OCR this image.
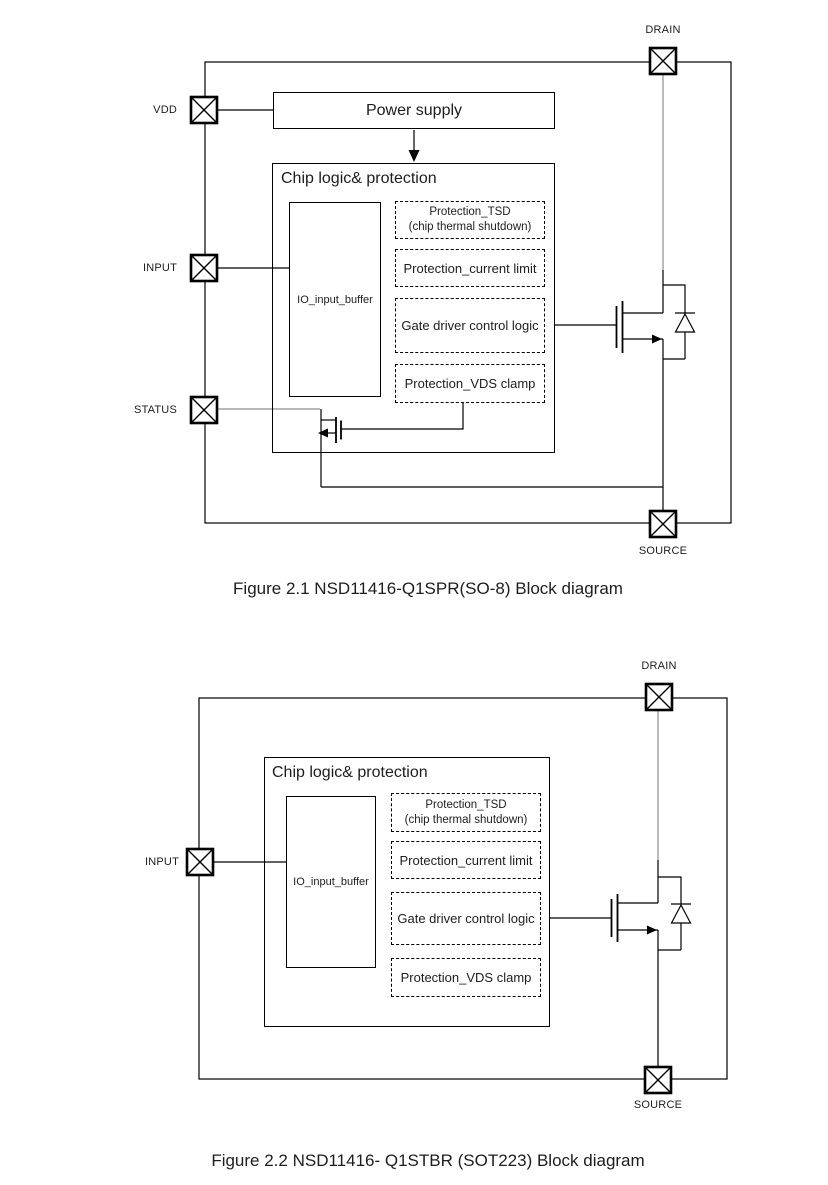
Power supply
Chip logic& protection
IO_input_buffer
Protection_TSD
(chip thermal shutdown)
Protection_current limit
Gate driver control logic
Protection_VDS clamp
VDD
INPUT
STATUS
DRAIN
SOURCE
Figure 2.1 NSD11416-Q1SPR(SO-8) Block diagram
Chip logic& protection
IO_input_buffer
Protection_TSD
(chip thermal shutdown)
Protection_current limit
Gate driver control logic
Protection_VDS clamp
INPUT
DRAIN
SOURCE
Figure 2.2 NSD11416- Q1STBR (SOT223) Block diagram
